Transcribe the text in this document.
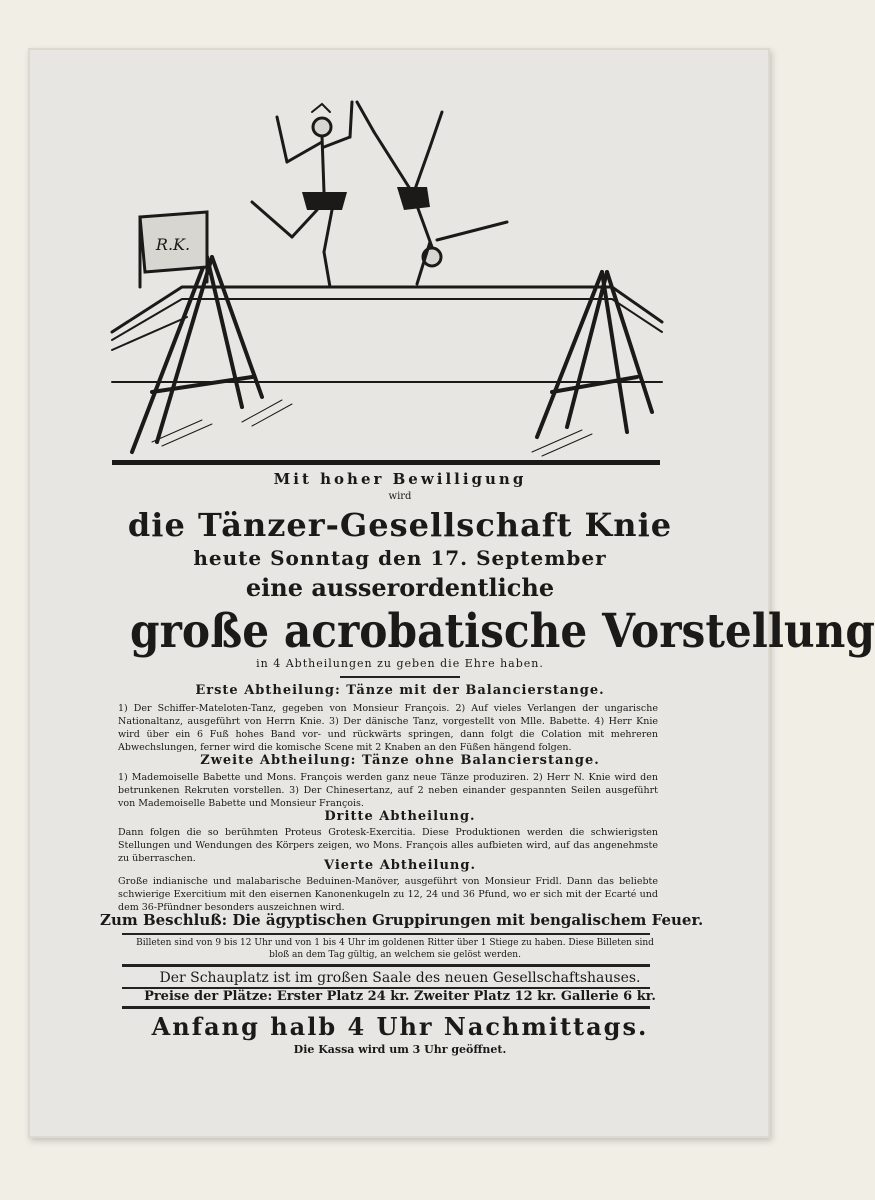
R.K.
Mit hoher Bewilligung
wird
die Tänzer-Gesellschaft Knie
heute Sonntag den 17. September
eine ausserordentliche
große acrobatische Vorstellung
in 4 Abtheilungen zu geben die Ehre haben.
Erste Abtheilung: Tänze mit der Balancierstange.
1) Der Schiffer-Mateloten-Tanz, gegeben von Monsieur François. 2) Auf vieles Verlangen der ungarische Nationaltanz, ausgeführt von Herrn Knie. 3) Der dänische Tanz, vorgestellt von Mlle. Babette. 4) Herr Knie wird über ein 6 Fuß hohes Band vor- und rückwärts springen, dann folgt die Colation mit mehreren Abwechslungen, ferner wird die komische Scene mit 2 Knaben an den Füßen hängend folgen.
Zweite Abtheilung: Tänze ohne Balancierstange.
1) Mademoiselle Babette und Mons. François werden ganz neue Tänze produziren. 2) Herr N. Knie wird den betrunkenen Rekruten vorstellen. 3) Der Chinesertanz, auf 2 neben einander gespannten Seilen ausgeführt von Mademoiselle Babette und Monsieur François.
Dritte Abtheilung.
Dann folgen die so berühmten Proteus Grotesk-Exercitia. Diese Produktionen werden die schwierigsten Stellungen und Wendungen des Körpers zeigen, wo Mons. François alles aufbieten wird, auf das angenehmste zu überraschen.	Vierte Abtheilung.
Große indianische und malabarische Beduinen-Manöver, ausgeführt von Monsieur Fridl. Dann das beliebte schwierige Exercitium mit den eisernen Kanonenkugeln zu 12, 24 und 36 Pfund, wo er sich mit der Ecarté und dem 36-Pfündner besonders auszeichnen wird.
Zum Beschluß: Die ägyptischen Gruppirungen mit bengalischem Feuer.
Billeten sind von 9 bis 12 Uhr und von 1 bis 4 Uhr im goldenen Ritter über 1 Stiege zu haben. Diese Billeten sind bloß an dem Tag gültig, an welchem sie gelöst werden.
Der Schauplatz ist im großen Saale des neuen Gesellschaftshauses.
Preise der Plätze: Erster Platz 24 kr. Zweiter Platz 12 kr. Gallerie 6 kr.
Anfang halb 4 Uhr Nachmittags.
Die Kassa wird um 3 Uhr geöffnet.
